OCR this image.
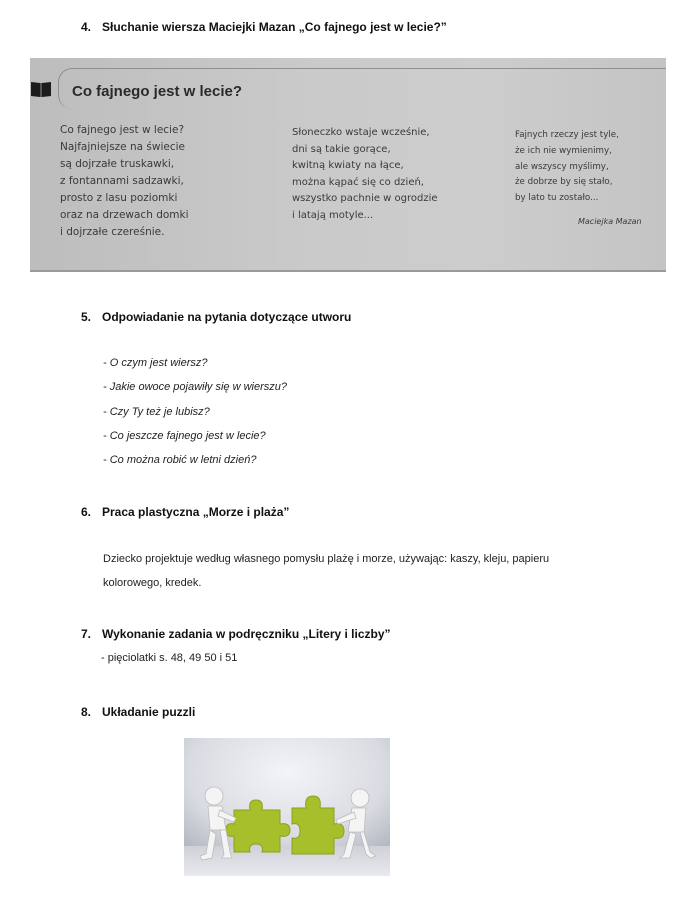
4. Słuchanie wiersza Maciejki Mazan „Co fajnego jest w lecie?”
Co fajnego jest w lecie?
Co fajnego jest w lecie?
Najfajniejsze na świecie
są dojrzałe truskawki,
z fontannami sadzawki,
prosto z lasu poziomki
oraz na drzewach domki
i dojrzałe czereśnie.
Słoneczko wstaje wcześnie,
dni są takie gorące,
kwitną kwiaty na łące,
można kąpać się co dzień,
wszystko pachnie w ogrodzie
i latają motyle...
Fajnych rzeczy jest tyle,
że ich nie wymienimy,
ale wszyscy myślimy,
że dobrze by się stało,
by lato tu zostało...
Maciejka Mazan
5. Odpowiadanie na pytania dotyczące utworu
- O czym jest wiersz?
- Jakie owoce pojawiły się w wierszu?
- Czy Ty też je lubisz?
- Co jeszcze fajnego jest w lecie?
- Co można robić w letni dzień?
6. Praca plastyczna „Morze i plaża”
Dziecko projektuje według własnego pomysłu plażę i morze, używając: kaszy, kleju, papieru
kolorowego, kredek.
7. Wykonanie zadania w podręczniku „Litery i liczby”
- pięciolatki s. 48, 49 50 i 51
8. Układanie puzzli
